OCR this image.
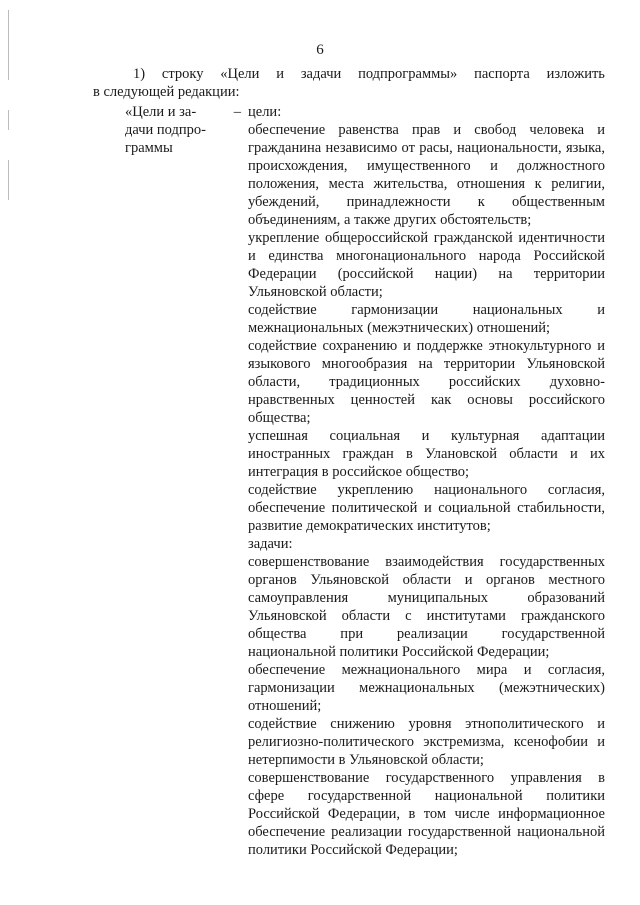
6
1) строку «Цели и задачи подпрограммы» паспорта изложить
в следующей редакции:
«Цели и за-	–
дачи подпро-
граммы
цели:
обеспечение равенства прав и свобод человека и гражданина независимо от расы, национальности, языка, происхождения, имущественного и должностного положения, места жительства, отношения к религии, убеждений, принадлежности к общественным объединениям, а также других обстоятельств;
укрепление общероссийской гражданской идентичности и единства многонационального народа Российской Федерации (российской нации) на территории Ульяновской области;
содействие гармонизации национальных и межнациональных (межэтнических) отношений;
содействие сохранению и поддержке этнокультурного и языкового многообразия на территории Ульяновской области, традиционных российских духовно-нравственных ценностей как основы российского общества;
успешная социальная и культурная адаптации иностранных граждан в Улановской области и их интеграция в российское общество;
содействие укреплению национального согласия, обеспечение политической и социальной стабильности, развитие демократических институтов;
задачи:
совершенствование взаимодействия государственных органов Ульяновской области и органов местного самоуправления муниципальных образований Ульяновской области с институтами гражданского общества при реализации государственной национальной политики Российской Федерации;
обеспечение межнационального мира и согласия, гармонизации межнациональных (межэтнических) отношений;
содействие снижению уровня этнополитического и религиозно-политического экстремизма, ксенофобии и нетерпимости в Ульяновской области;
совершенствование государственного управления в сфере государственной национальной политики Российской Федерации, в том числе информационное обеспечение реализации государственной национальной политики Российской Федерации;
